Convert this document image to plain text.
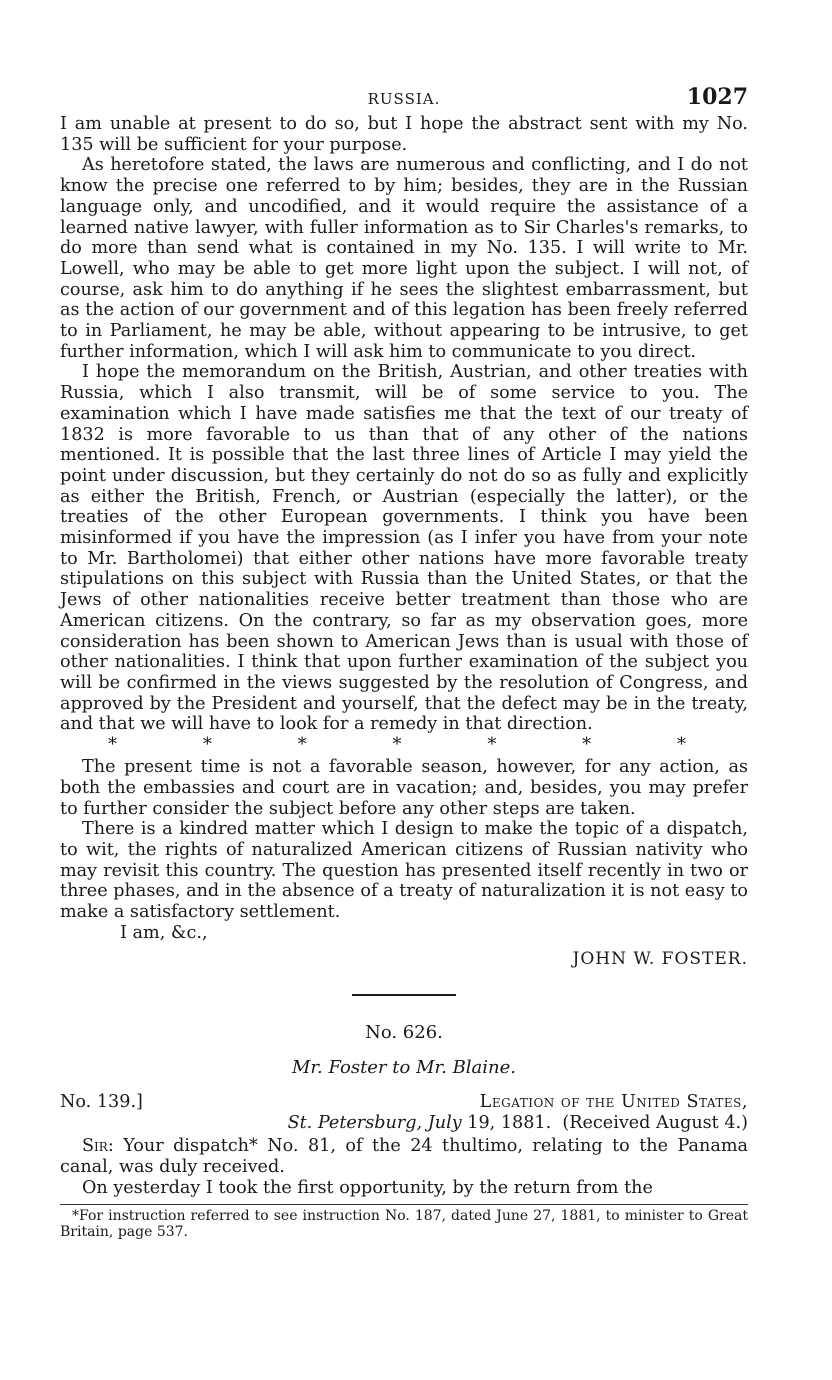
RUSSIA.	1027

I am unable at present to do so, but I hope the abstract sent with my No. 135 will be sufficient for your purpose.

As heretofore stated, the laws are numerous and conflicting, and I do not know the precise one referred to by him; besides, they are in the Russian language only, and uncodified, and it would require the assistance of a learned native lawyer, with fuller information as to Sir Charles's remarks, to do more than send what is contained in my No. 135. I will write to Mr. Lowell, who may be able to get more light upon the subject. I will not, of course, ask him to do anything if he sees the slightest embarrassment, but as the action of our government and of this legation has been freely referred to in Parliament, he may be able, without appearing to be intrusive, to get further information, which I will ask him to communicate to you direct.

I hope the memorandum on the British, Austrian, and other treaties with Russia, which I also transmit, will be of some service to you. The examination which I have made satisfies me that the text of our treaty of 1832 is more favorable to us than that of any other of the nations mentioned. It is possible that the last three lines of Article I may yield the point under discussion, but they certainly do not do so as fully and explicitly as either the British, French, or Austrian (especially the latter), or the treaties of the other European governments. I think you have been misinformed if you have the impression (as I infer you have from your note to Mr. Bartholomei) that either other nations have more favorable treaty stipulations on this subject with Russia than the United States, or that the Jews of other nationalities receive better treatment than those who are American citizens. On the contrary, so far as my observation goes, more consideration has been shown to American Jews than is usual with those of other nationalities. I think that upon further examination of the subject you will be confirmed in the views suggested by the resolution of Congress, and approved by the President and yourself, that the defect may be in the treaty, and that we will have to look for a remedy in that direction.

*	*	*	*	*	*	*

The present time is not a favorable season, however, for any action, as both the embassies and court are in vacation; and, besides, you may prefer to further consider the subject before any other steps are taken.

There is a kindred matter which I design to make the topic of a dispatch, to wit, the rights of naturalized American citizens of Russian nativity who may revisit this country. The question has presented itself recently in two or three phases, and in the absence of a treaty of naturalization it is not easy to make a satisfactory settlement.

I am, &c.,

JOHN W. FOSTER.
No. 626.
Mr. Foster to Mr. Blaine.
No. 139.]	Legation of the United States,
St. Petersburg, July 19, 1881. (Received August 4.)

Sir: Your dispatch* No. 81, of the 24 thultimo, relating to the Panama canal, was duly received.

On yesterday I took the first opportunity, by the return from the

*For instruction referred to see instruction No. 187, dated June 27, 1881, to minister to Great Britain, page 537.
